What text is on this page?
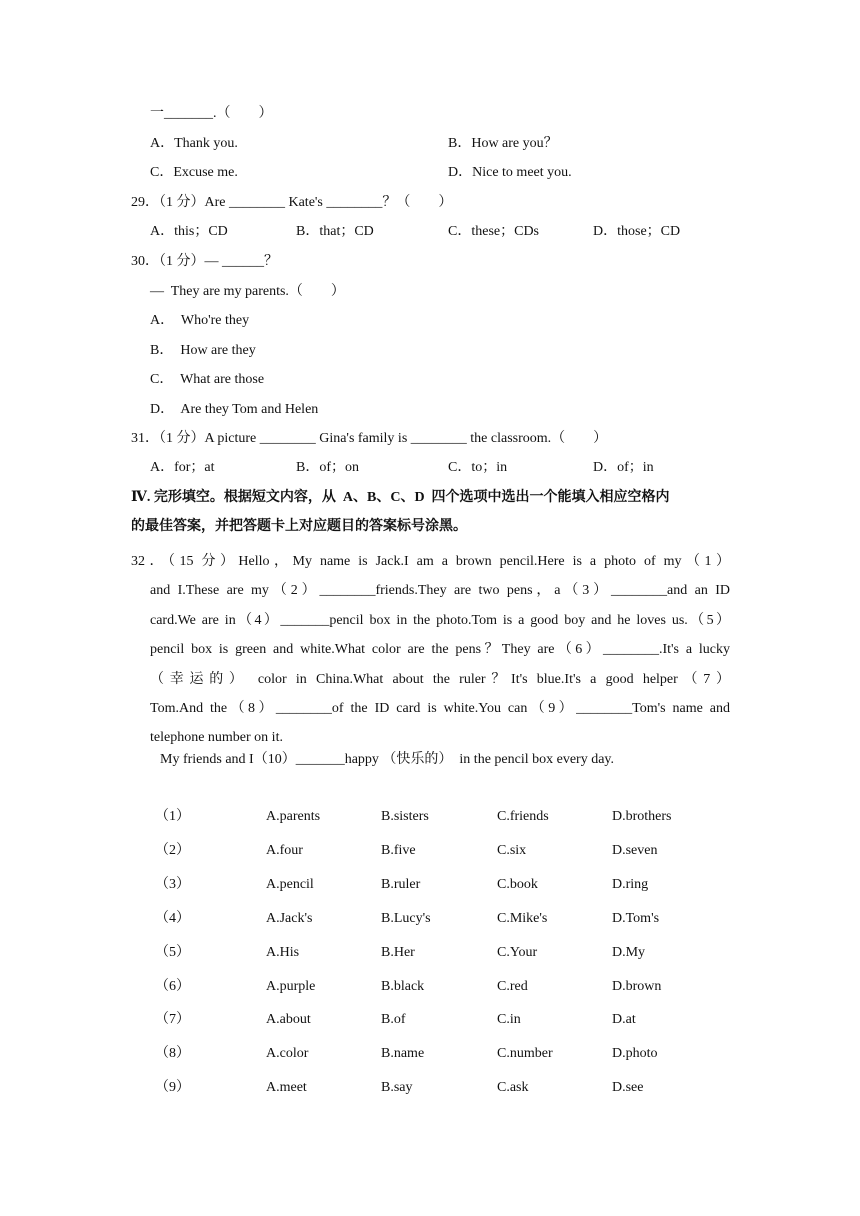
一_______.（　　）
A．Thank you.	B．How are you？
C．Excuse me.	D．Nice to meet you.
29．（1 分）Are ________ Kate's ________？（　　）
A．this；CD	B．that；CD	C．these；CDs	D．those；CD
30．（1 分）— ______？
—  They are my parents.（　　）
A．  Who're they
B．  How are they
C．  What are those
D．  Are they Tom and Helen
31．（1 分）A picture ________ Gina's family is ________ the classroom.（　　）
A．for；at	B．of；on	C．to；in	D．of；in
Ⅳ. 完形填空。根据短文内容，从  A、B、C、D  四个选项中选出一个能填入相应空格内
的最佳答案，并把答题卡上对应题目的答案标号涂黑。
32．（15 分）Hello，My name is Jack.I am a brown pencil.Here is a photo of my（1）
and I.These are my（2）________friends.They are two pens，a（3）________and an ID
card.We are in（4）_______pencil box in the photo.Tom is a good boy and he loves us.（5）
pencil box is green and white.What color are the pens？They are（6）________.It's a lucky
（幸运的） color in China.What about the ruler？It's blue.It's a good helper（7）
Tom.And the（8）________of the ID card is white.You can（9）________Tom's name and
telephone number on it.
My friends and I（10）_______happy （快乐的）  in the pencil box every day.
（1）	A.parents	B.sisters	C.friends	D.brothers
（2）	A.four	B.five	C.six	D.seven
（3）	A.pencil	B.ruler	C.book	D.ring
（4）	A.Jack's	B.Lucy's	C.Mike's	D.Tom's
（5）	A.His	B.Her	C.Your	D.My
（6）	A.purple	B.black	C.red	D.brown
（7）	A.about	B.of	C.in	D.at
（8）	A.color	B.name	C.number	D.photo
（9）	A.meet	B.say	C.ask	D.see
